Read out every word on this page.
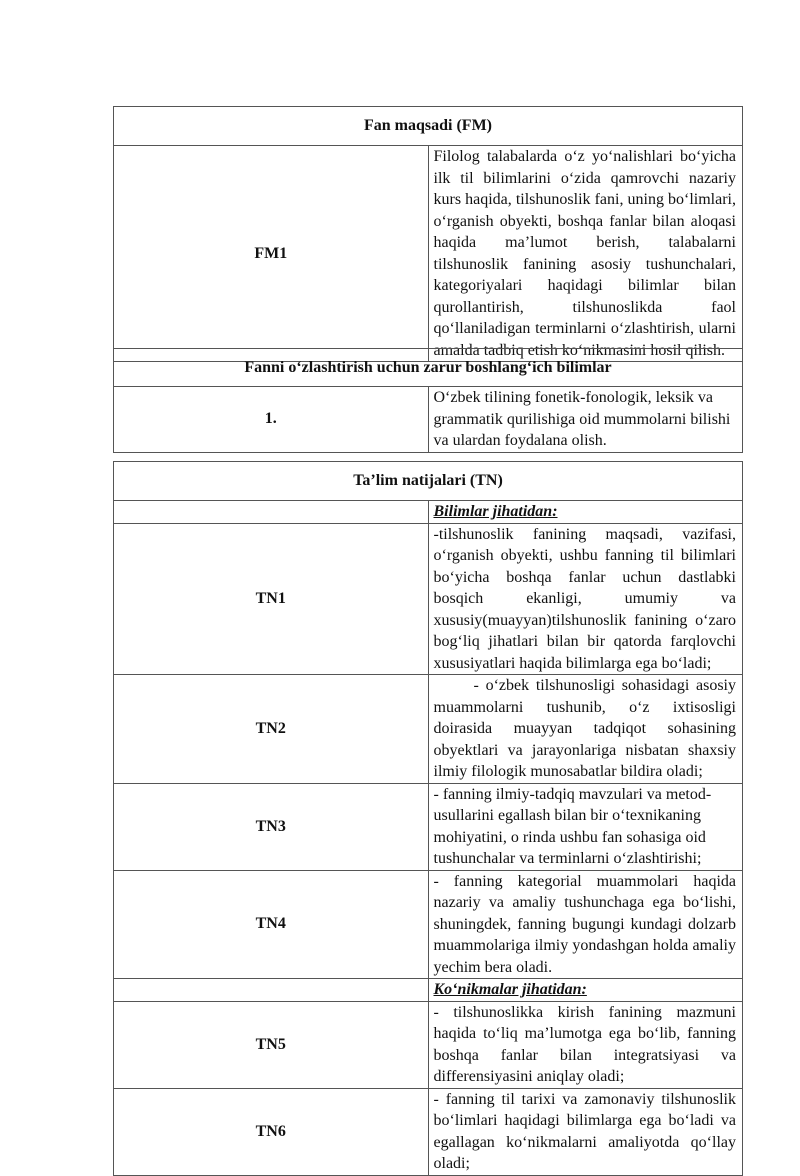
Fan maqsadi (FM)
FM1	Filolog talabalarda o‘z yo‘nalishlari bo‘yicha ilk til bilimlarini o‘zida qamrovchi nazariy kurs haqida, tilshunoslik fani, uning bo‘limlari, o‘rganish obyekti, boshqa fanlar bilan aloqasi haqida ma’lumot berish, talabalarni tilshunoslik fanining asosiy tushunchalari, kategoriyalari haqidagi bilimlar bilan qurollantirish, tilshunoslikda faol qo‘llaniladigan terminlarni o‘zlashtirish, ularni amalda tadbiq etish ko‘nikmasini hosil qilish.
Fanni o‘zlashtirish uchun zarur boshlang‘ich bilimlar
1.	O‘zbek tilining fonetik-fonologik, leksik va grammatik qurilishiga oid mummolarni bilishi va ulardan foydalana olish.
Ta’lim natijalari (TN)	
	Bilimlar jihatidan:
TN1	-tilshunoslik fanining maqsadi, vazifasi, o‘rganish obyekti, ushbu fanning til bilimlari bo‘yicha boshqa fanlar uchun dastlabki bosqich ekanligi, umumiy va xususiy(muayyan)tilshunoslik fanining o‘zaro bog‘liq jihatlari bilan bir qatorda farqlovchi xususiyatlari haqida bilimlarga ega bo‘ladi;
TN2	- o‘zbek tilshunosligi sohasidagi asosiy muammolarni tushunib, o‘z ixtisosligi doirasida muayyan tadqiqot sohasining obyektlari va jarayonlariga nisbatan shaxsiy ilmiy filologik munosabatlar bildira oladi;
TN3	- fanning ilmiy-tadqiq mavzulari va metod-usullarini egallash bilan bir o‘texnikaning mohiyatini, o rinda ushbu fan sohasiga oid tushunchalar va terminlarni o‘zlashtirishi;
TN4	- fanning kategorial muammolari haqida nazariy va amaliy tushunchaga ega bo‘lishi, shuningdek, fanning bugungi kundagi dolzarb muammolariga ilmiy yondashgan holda amaliy yechim bera oladi.
	Ko‘nikmalar jihatidan:
TN5	- tilshunoslikka kirish fanining mazmuni haqida to‘liq ma’lumotga ega bo‘lib, fanning boshqa fanlar bilan integratsiyasi va differensiyasini aniqlay oladi;
TN6	- fanning til tarixi va zamonaviy tilshunoslik bo‘limlari haqidagi bilimlarga ega bo‘ladi va egallagan ko‘nikmalarni amaliyotda qo‘llay oladi;
